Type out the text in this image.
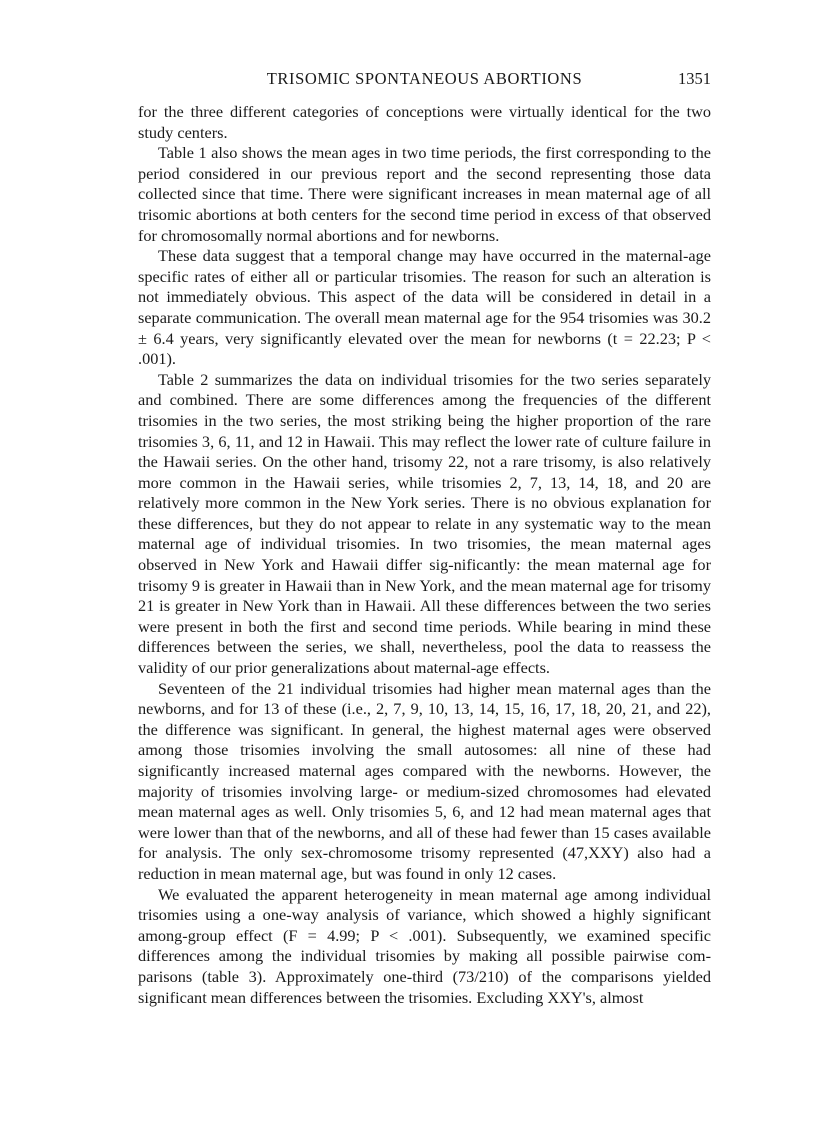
TRISOMIC SPONTANEOUS ABORTIONS	1351

for the three different categories of conceptions were virtually identical for the two study centers.

Table 1 also shows the mean ages in two time periods, the first corresponding to the period considered in our previous report and the second representing those data collected since that time. There were significant increases in mean maternal age of all trisomic abortions at both centers for the second time period in excess of that observed for chromosomally normal abortions and for newborns.

These data suggest that a temporal change may have occurred in the maternal-age specific rates of either all or particular trisomies. The reason for such an alteration is not immediately obvious. This aspect of the data will be considered in detail in a separate communication. The overall mean maternal age for the 954 trisomies was 30.2 ± 6.4 years, very significantly elevated over the mean for newborns (t = 22.23; P < .001).

Table 2 summarizes the data on individual trisomies for the two series separately and combined. There are some differences among the frequencies of the different trisomies in the two series, the most striking being the higher proportion of the rare trisomies 3, 6, 11, and 12 in Hawaii. This may reflect the lower rate of culture failure in the Hawaii series. On the other hand, trisomy 22, not a rare trisomy, is also relatively more common in the Hawaii series, while trisomies 2, 7, 13, 14, 18, and 20 are relatively more common in the New York series. There is no obvious explanation for these differences, but they do not appear to relate in any systematic way to the mean maternal age of individual trisomies. In two trisomies, the mean maternal ages observed in New York and Hawaii differ sig-nificantly: the mean maternal age for trisomy 9 is greater in Hawaii than in New York, and the mean maternal age for trisomy 21 is greater in New York than in Hawaii. All these differences between the two series were present in both the first and second time periods. While bearing in mind these differences between the series, we shall, nevertheless, pool the data to reassess the validity of our prior generalizations about maternal-age effects.

Seventeen of the 21 individual trisomies had higher mean maternal ages than the newborns, and for 13 of these (i.e., 2, 7, 9, 10, 13, 14, 15, 16, 17, 18, 20, 21, and 22), the difference was significant. In general, the highest maternal ages were observed among those trisomies involving the small autosomes: all nine of these had significantly increased maternal ages compared with the newborns. However, the majority of trisomies involving large- or medium-sized chromosomes had elevated mean maternal ages as well. Only trisomies 5, 6, and 12 had mean maternal ages that were lower than that of the newborns, and all of these had fewer than 15 cases available for analysis. The only sex-chromosome trisomy represented (47,XXY) also had a reduction in mean maternal age, but was found in only 12 cases.

We evaluated the apparent heterogeneity in mean maternal age among individual trisomies using a one-way analysis of variance, which showed a highly significant among-group effect (F = 4.99; P < .001). Subsequently, we examined specific differences among the individual trisomies by making all possible pairwise com-parisons (table 3). Approximately one-third (73/210) of the comparisons yielded significant mean differences between the trisomies. Excluding XXY's, almost
